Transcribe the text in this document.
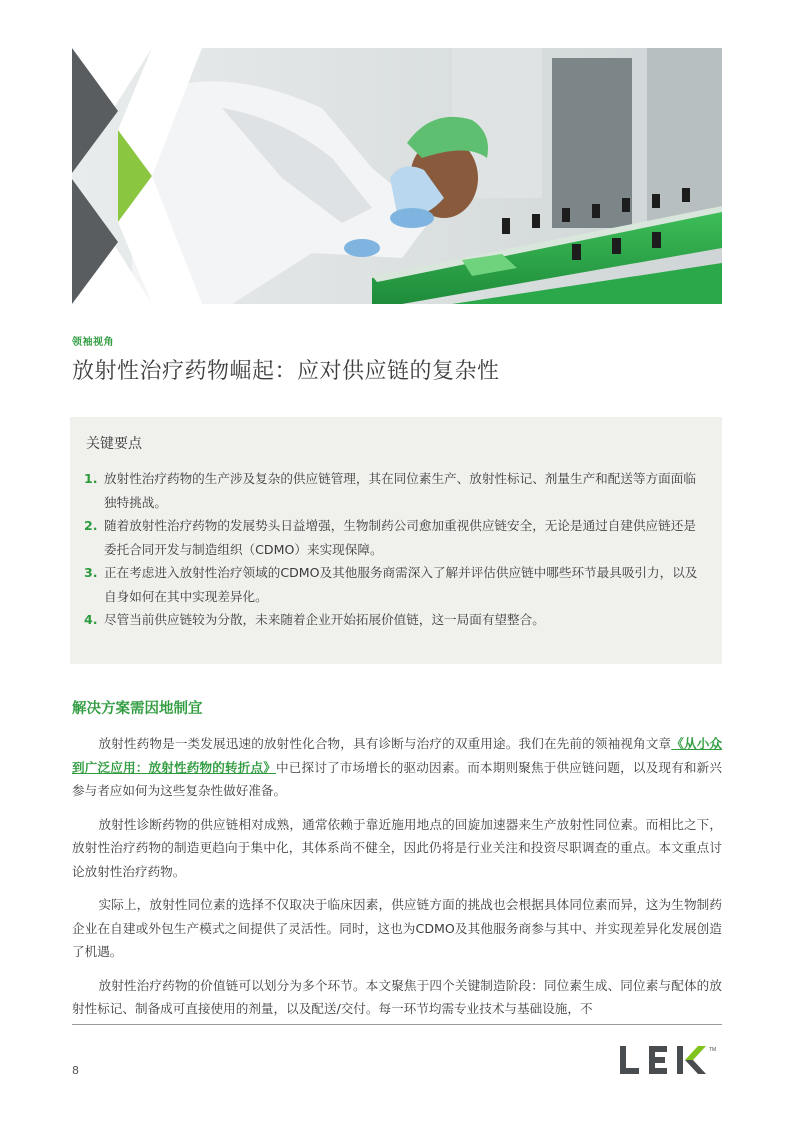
领袖视角
放射性治疗药物崛起：应对供应链的复杂性
关键要点
1. 放射性治疗药物的生产涉及复杂的供应链管理，其在同位素生产、放射性标记、剂量生产和配送等方面面临独特挑战。
2. 随着放射性治疗药物的发展势头日益增强，生物制药公司愈加重视供应链安全，无论是通过自建供应链还是委托合同开发与制造组织（CDMO）来实现保障。
3. 正在考虑进入放射性治疗领域的CDMO及其他服务商需深入了解并评估供应链中哪些环节最具吸引力，以及自身如何在其中实现差异化。
4. 尽管当前供应链较为分散，未来随着企业开始拓展价值链，这一局面有望整合。
解决方案需因地制宜

放射性药物是一类发展迅速的放射性化合物，具有诊断与治疗的双重用途。我们在先前的领袖视角文章《从小众到广泛应用：放射性药物的转折点》中已探讨了市场增长的驱动因素。而本期则聚焦于供应链问题，以及现有和新兴参与者应如何为这些复杂性做好准备。

放射性诊断药物的供应链相对成熟，通常依赖于靠近施用地点的回旋加速器来生产放射性同位素。而相比之下，放射性治疗药物的制造更趋向于集中化，其体系尚不健全，因此仍将是行业关注和投资尽职调查的重点。本文重点讨论放射性治疗药物。

实际上，放射性同位素的选择不仅取决于临床因素，供应链方面的挑战也会根据具体同位素而异，这为生物制药企业在自建或外包生产模式之间提供了灵活性。同时，这也为CDMO及其他服务商参与其中、并实现差异化发展创造了机遇。

放射性治疗药物的价值链可以划分为多个环节。本文聚焦于四个关键制造阶段：同位素生成、同位素与配体的放射性标记、制备成可直接使用的剂量，以及配送/交付。每一环节均需专业技术与基础设施，不

8
TM
